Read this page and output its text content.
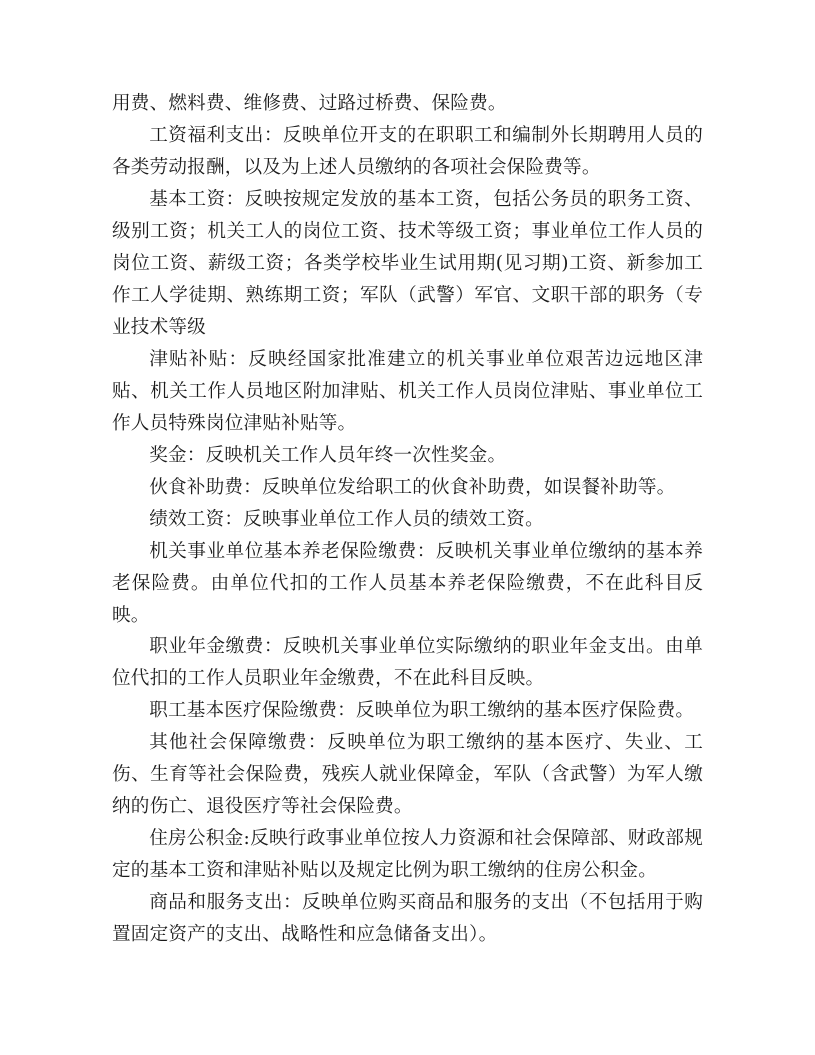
用费、燃料费、维修费、过路过桥费、保险费。

工资福利支出：反映单位开支的在职职工和编制外长期聘用人员的各类劳动报酬，以及为上述人员缴纳的各项社会保险费等。

基本工资：反映按规定发放的基本工资，包括公务员的职务工资、级别工资；机关工人的岗位工资、技术等级工资；事业单位工作人员的岗位工资、薪级工资；各类学校毕业生试用期(见习期)工资、新参加工作工人学徒期、熟练期工资；军队（武警）军官、文职干部的职务（专业技术等级

津贴补贴：反映经国家批准建立的机关事业单位艰苦边远地区津贴、机关工作人员地区附加津贴、机关工作人员岗位津贴、事业单位工作人员特殊岗位津贴补贴等。

奖金：反映机关工作人员年终一次性奖金。

伙食补助费：反映单位发给职工的伙食补助费，如误餐补助等。

绩效工资：反映事业单位工作人员的绩效工资。

机关事业单位基本养老保险缴费：反映机关事业单位缴纳的基本养老保险费。由单位代扣的工作人员基本养老保险缴费，不在此科目反映。

职业年金缴费：反映机关事业单位实际缴纳的职业年金支出。由单位代扣的工作人员职业年金缴费，不在此科目反映。

职工基本医疗保险缴费：反映单位为职工缴纳的基本医疗保险费。

其他社会保障缴费：反映单位为职工缴纳的基本医疗、失业、工伤、生育等社会保险费，残疾人就业保障金，军队（含武警）为军人缴纳的伤亡、退役医疗等社会保险费。

住房公积金:反映行政事业单位按人力资源和社会保障部、财政部规定的基本工资和津贴补贴以及规定比例为职工缴纳的住房公积金。

商品和服务支出：反映单位购买商品和服务的支出（不包括用于购置固定资产的支出、战略性和应急储备支出）。
